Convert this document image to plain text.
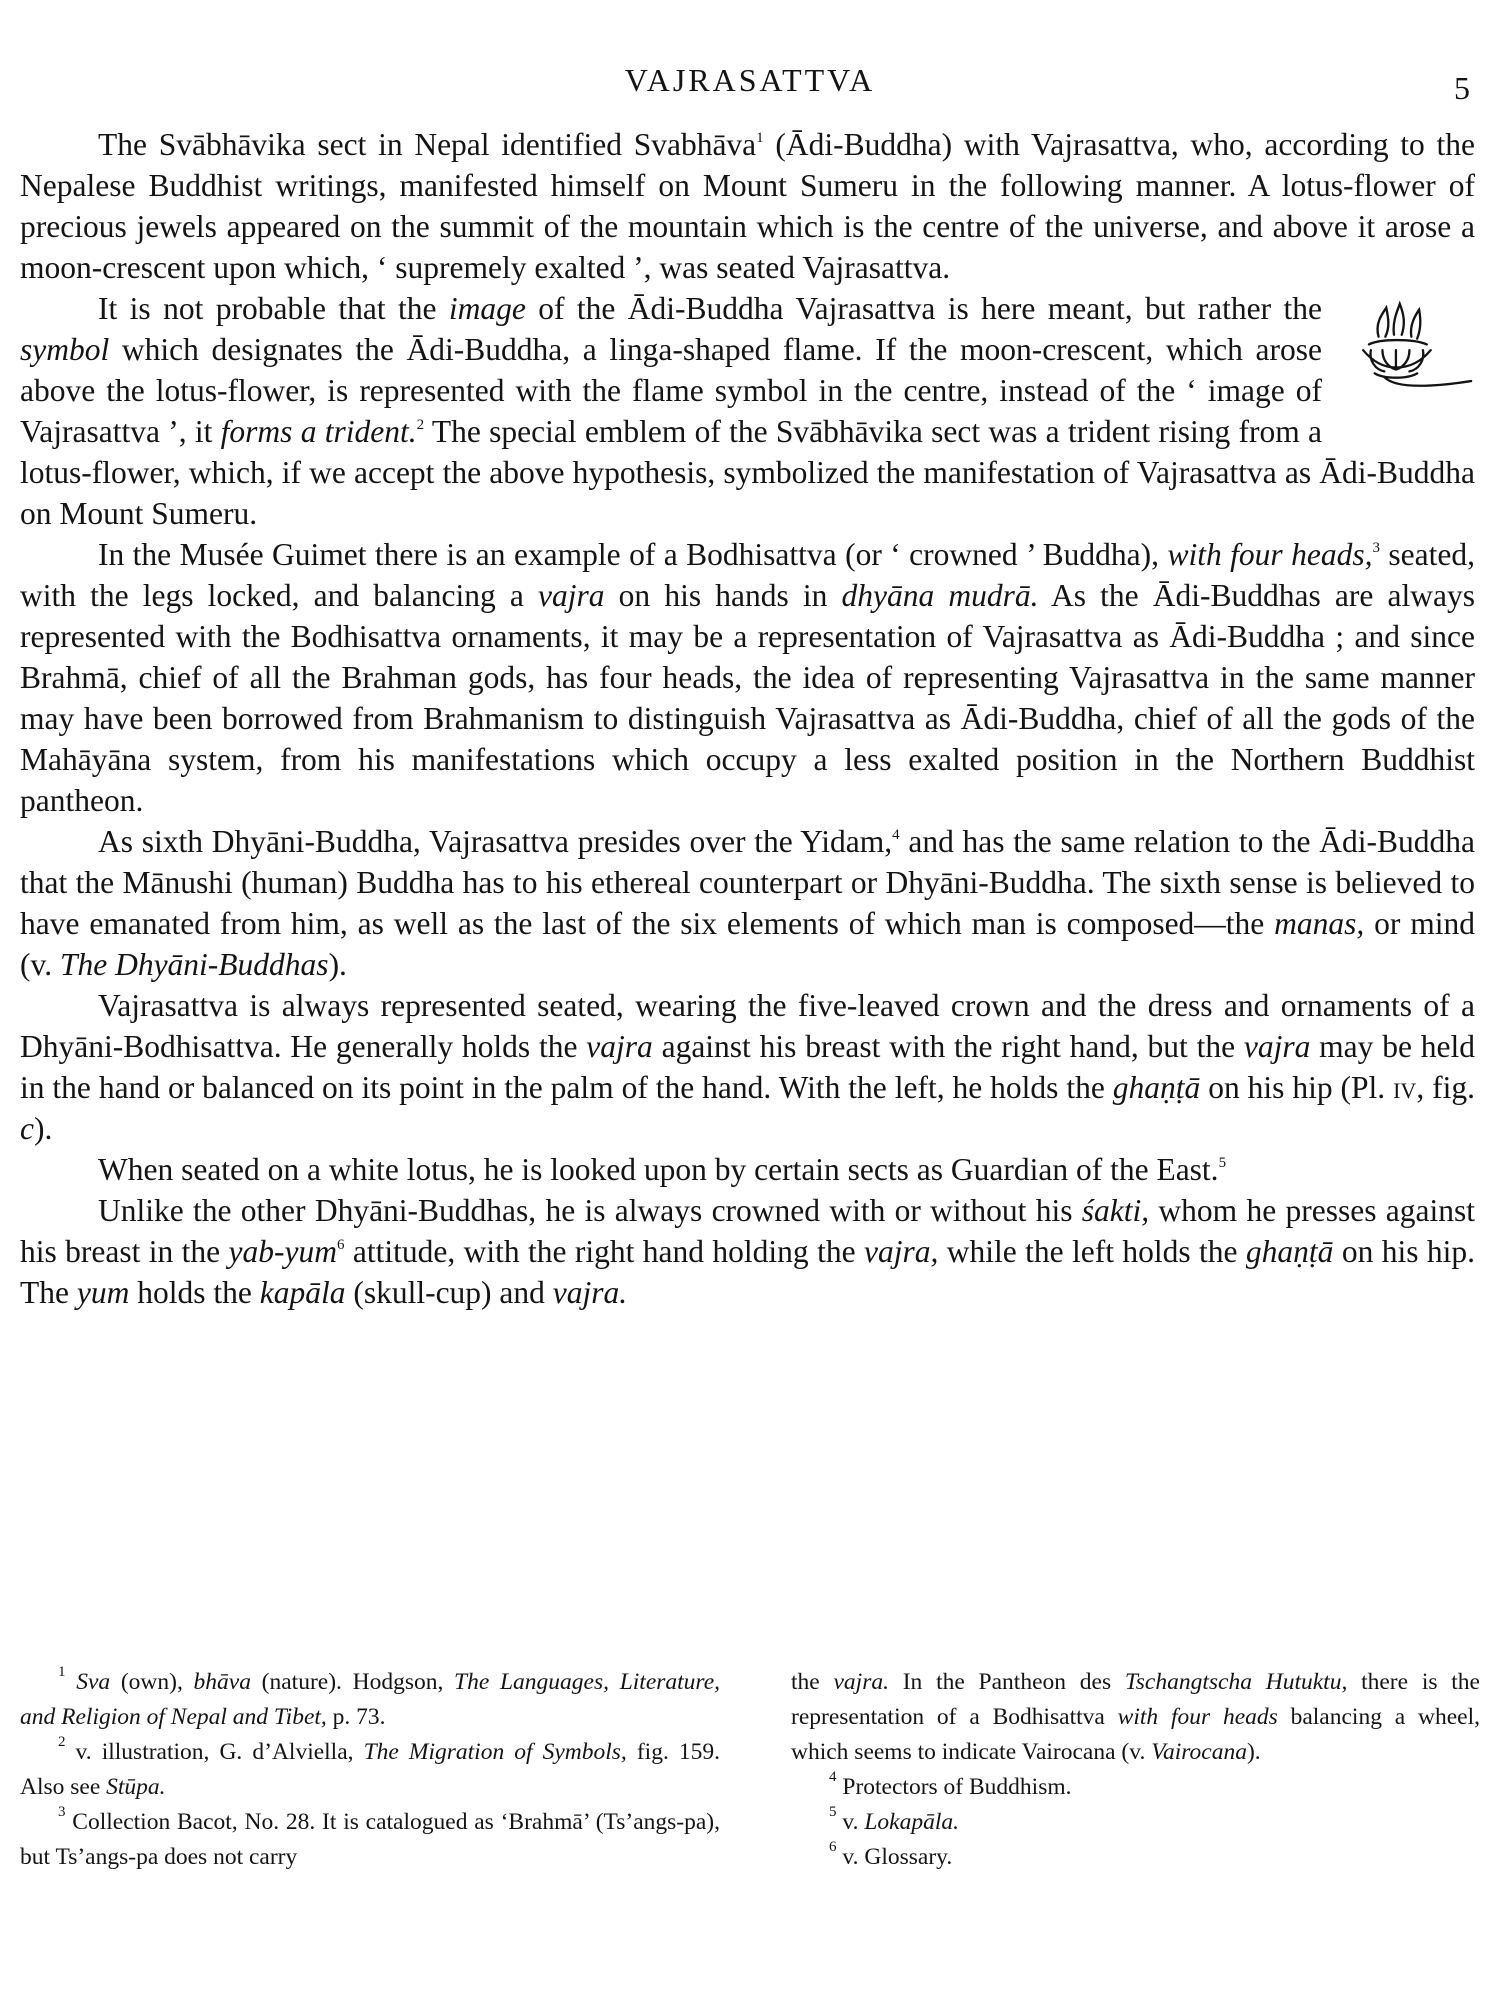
VAJRASATTVA	5

The Svābhāvika sect in Nepal identified Svabhāva$^1$ (Ādi-Buddha) with Vajrasattva, who, according to the Nepalese Buddhist writings, manifested himself on Mount Sumeru in the following manner. A lotus-flower of precious jewels appeared on the summit of the mountain which is the centre of the universe, and above it arose a moon-crescent upon which, ‘ supremely exalted ’, was seated Vajrasattva.

It is not probable that the image of the Ādi-Buddha Vajrasattva is here meant, but rather the symbol which designates the Ādi-Buddha, a linga-shaped flame. If the moon-crescent, which arose above the lotus-flower, is represented with the flame symbol in the centre, instead of the ‘ image of Vajrasattva ’, it forms a trident.$^2$ The special emblem of the Svābhāvika sect was a trident rising from a lotus-flower, which, if we accept the above hypothesis, symbolized the manifestation of Vajrasattva as Ādi-Buddha on Mount Sumeru.

In the Musée Guimet there is an example of a Bodhisattva (or ‘ crowned ’ Buddha), with four heads,$^3$ seated, with the legs locked, and balancing a vajra on his hands in dhyāna mudrā. As the Ādi-Buddhas are always represented with the Bodhisattva ornaments, it may be a representation of Vajrasattva as Ādi-Buddha ; and since Brahmā, chief of all the Brahman gods, has four heads, the idea of representing Vajrasattva in the same manner may have been borrowed from Brahmanism to distinguish Vajrasattva as Ādi-Buddha, chief of all the gods of the Mahāyāna system, from his manifestations which occupy a less exalted position in the Northern Buddhist pantheon.

As sixth Dhyāni-Buddha, Vajrasattva presides over the Yidam,$^4$ and has the same relation to the Ādi-Buddha that the Mānushi (human) Buddha has to his ethereal counterpart or Dhyāni-Buddha. The sixth sense is believed to have emanated from him, as well as the last of the six elements of which man is composed—the manas, or mind (v. The Dhyāni-Buddhas).

Vajrasattva is always represented seated, wearing the five-leaved crown and the dress and ornaments of a Dhyāni-Bodhisattva. He generally holds the vajra against his breast with the right hand, but the vajra may be held in the hand or balanced on its point in the palm of the hand. With the left, he holds the ghaṇṭā on his hip (Pl. iv, fig. c).

When seated on a white lotus, he is looked upon by certain sects as Guardian of the East.$^5$

Unlike the other Dhyāni-Buddhas, he is always crowned with or without his śakti, whom he presses against his breast in the yab-yum$^6$ attitude, with the right hand holding the vajra, while the left holds the ghaṇṭā on his hip. The yum holds the kapāla (skull-cup) and vajra.

$^1$ Sva (own), bhāva (nature). Hodgson, The Languages, Literature, and Religion of Nepal and Tibet, p. 73.

$^2$ v. illustration, G. d’Alviella, The Migration of Symbols, fig. 159. Also see Stūpa.

$^3$ Collection Bacot, No. 28. It is catalogued as ‘Brahmā’ (Ts’angs-pa), but Ts’angs-pa does not carry

the vajra. In the Pantheon des Tschangtscha Hutuktu, there is the representation of a Bodhisattva with four heads balancing a wheel, which seems to indicate Vairocana (v. Vairocana).

$^4$ Protectors of Buddhism.

$^5$ v. Lokapāla.

$^6$ v. Glossary.
